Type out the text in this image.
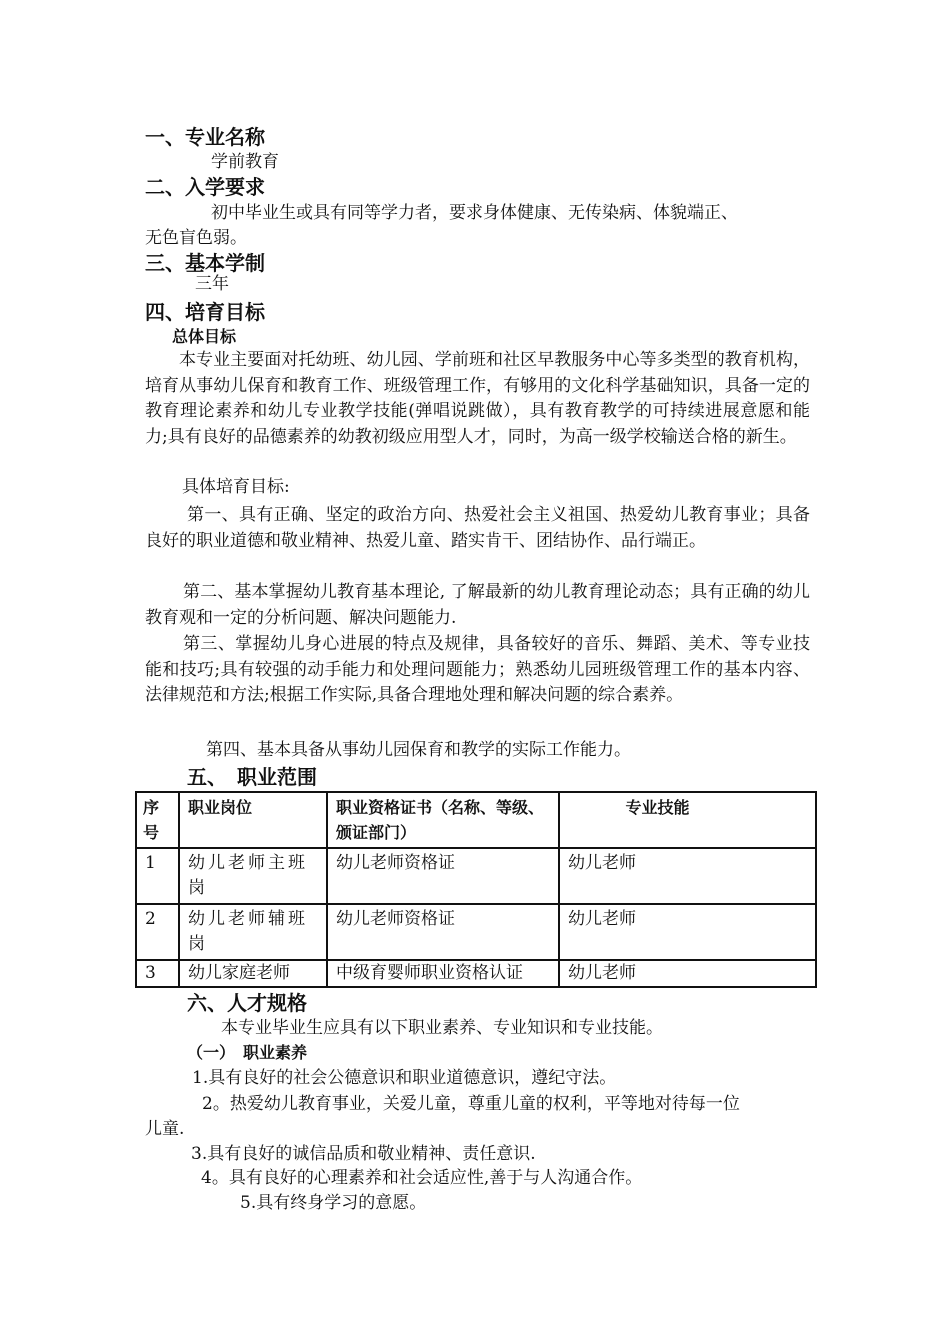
一、专业名称
学前教育
二、入学要求
初中毕业生或具有同等学力者，要求身体健康、无传染病、体貌端正、
无色盲色弱。
三、基本学制
三年
四、培育目标
总体目标
本专业主要面对托幼班、幼儿园、学前班和社区早教服务中心等多类型的教育机构，培育从事幼儿保育和教育工作、班级管理工作，有够用的文化科学基础知识，具备一定的教育理论素养和幼儿专业教学技能(弹唱说跳做），具有教育教学的可持续进展意愿和能力;具有良好的品德素养的幼教初级应用型人才，同时，为高一级学校输送合格的新生。
具体培育目标:
第一、具有正确、坚定的政治方向、热爱社会主义祖国、热爱幼儿教育事业；具备良好的职业道德和敬业精神、热爱儿童、踏实肯干、团结协作、品行端正。
第二、基本掌握幼儿教育基本理论, 了解最新的幼儿教育理论动态；具有正确的幼儿教育观和一定的分析问题、解决问题能力.
第三、掌握幼儿身心进展的特点及规律，具备较好的音乐、舞蹈、美术、等专业技能和技巧;具有较强的动手能力和处理问题能力；熟悉幼儿园班级管理工作的基本内容、法律规范和方法;根据工作实际,具备合理地处理和解决问题的综合素养。
第四、基本具备从事幼儿园保育和教学的实际工作能力。
五、　职业范围
序号	职业岗位	职业资格证书（名称、等级、颁证部门）	专业技能
1	幼儿老师主班岗	幼儿老师资格证	幼儿老师
2	幼儿老师辅班岗	幼儿老师资格证	幼儿老师
3	幼儿家庭老师	中级育婴师职业资格认证	幼儿老师
六、人才规格
本专业毕业生应具有以下职业素养、专业知识和专业技能。
（一）　职业素养
1.具有良好的社会公德意识和职业道德意识，遵纪守法。
2。热爱幼儿教育事业，关爱儿童，尊重儿童的权利，平等地对待每一位
儿童.
3.具有良好的诚信品质和敬业精神、责任意识.
4。具有良好的心理素养和社会适应性,善于与人沟通合作。
5.具有终身学习的意愿。
